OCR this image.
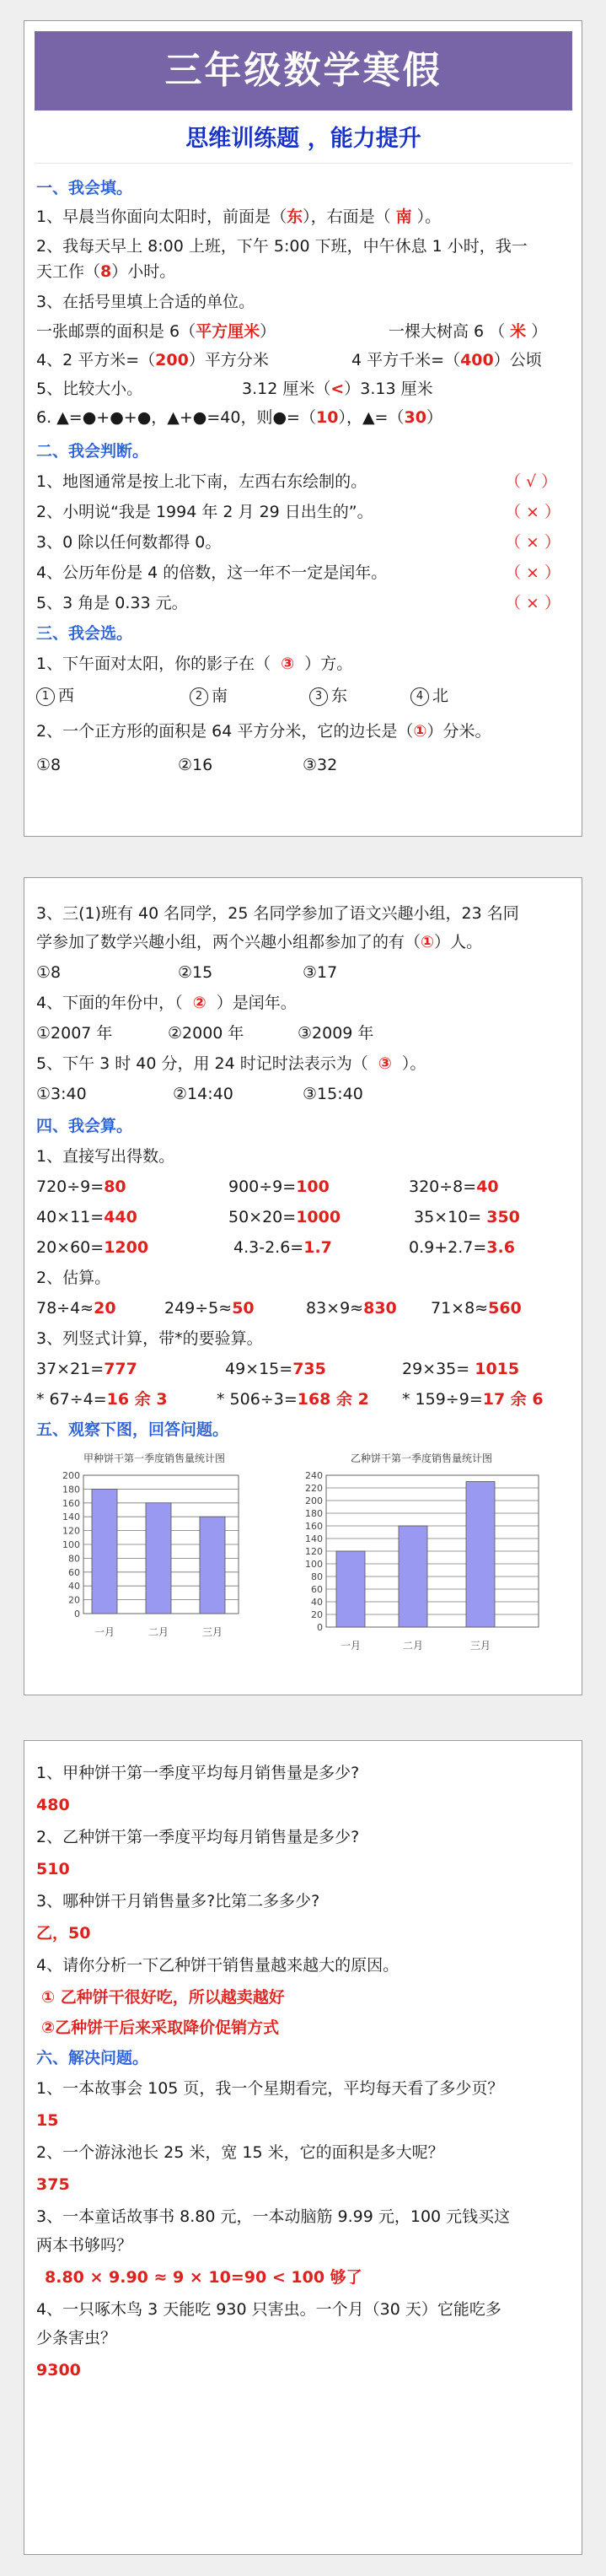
三年级数学寒假
思维训练题 ，能力提升
一、我会填。
1、早晨当你面向太阳时，前面是（东），右面是（ 南 ）。
2、我每天早上 8:00 上班，下午 5:00 下班，中午休息 1 小时，我一
天工作（8）小时。
3、在括号里填上合适的单位。
一张邮票的面积是 6（平方厘米）	一棵大树高 6 （ 米 ）
4、2 平方米=（200）平方分米	4 平方千米=（400）公顷
5、比较大小。	3.12 厘米（<）3.13 厘米
6. ▲=●+●+●，▲+●=40，则●=（10），▲=（30）
二、我会判断。
1、地图通常是按上北下南，左西右东绘制的。	（ √ ）
2、小明说“我是 1994 年 2 月 29 日出生的”。	（ × ）
3、0 除以任何数都得 0。	（ × ）
4、公历年份是 4 的倍数，这一年不一定是闰年。	（ × ）
5、3 角是 0.33 元。	（ × ）
三、我会选。
1、下午面对太阳，你的影子在（ ③ ）方。
1 西	2 南	3 东	4 北
2、一个正方形的面积是 64 平方分米，它的边长是（①）分米。
①8	②16	③32
3、三(1)班有 40 名同学，25 名同学参加了语文兴趣小组，23 名同
学参加了数学兴趣小组，两个兴趣小组都参加了的有（①）人。
①8	②15	③17
4、下面的年份中，（ ② ）是闰年。
①2007 年	②2000 年	③2009 年
5、下午 3 时 40 分，用 24 时记时法表示为（ ③ ）。
①3:40	②14:40	③15:40
四、我会算。
1、直接写出得数。
720÷9=80	900÷9=100	320÷8=40
40×11=440	50×20=1000	35×10= 350
20×60=1200	4.3-2.6=1.7	0.9+2.7=3.6
2、估算。
78÷4≈20	249÷5≈50	83×9≈830 71×8≈560
3、列竖式计算，带*的要验算。
37×21=777	49×15=735	29×35= 1015
* 67÷4=16 余 3	* 506÷3=168 余 2 * 159÷9=17 余 6
五、观察下图，回答问题。
甲种饼干第一季度销售量统计图
200
180
160
140
120
100
80
60
40
20
0
一月	二月	三月
乙种饼干第一季度销售量统计图
240
220
200
180
160
140
120
100
80
60
40
20
0
一月	二月	三月
1、甲种饼干第一季度平均每月销售量是多少?
480
2、乙种饼干第一季度平均每月销售量是多少?
510
3、哪种饼干月销售量多?比第二多多少?
乙，50
4、请你分析一下乙种饼干销售量越来越大的原因。
① 乙种饼干很好吃，所以越卖越好
②乙种饼干后来采取降价促销方式
六、解决问题。
1、一本故事会 105 页，我一个星期看完，平均每天看了多少页？
15
2、一个游泳池长 25 米，宽 15 米，它的面积是多大呢？
375
3、一本童话故事书 8.80 元，一本动脑筋 9.99 元，100 元钱买这
两本书够吗？
8.80 × 9.90 ≈ 9 × 10=90 < 100 够了
4、一只啄木鸟 3 天能吃 930 只害虫。一个月（30 天）它能吃多
少条害虫？
9300
